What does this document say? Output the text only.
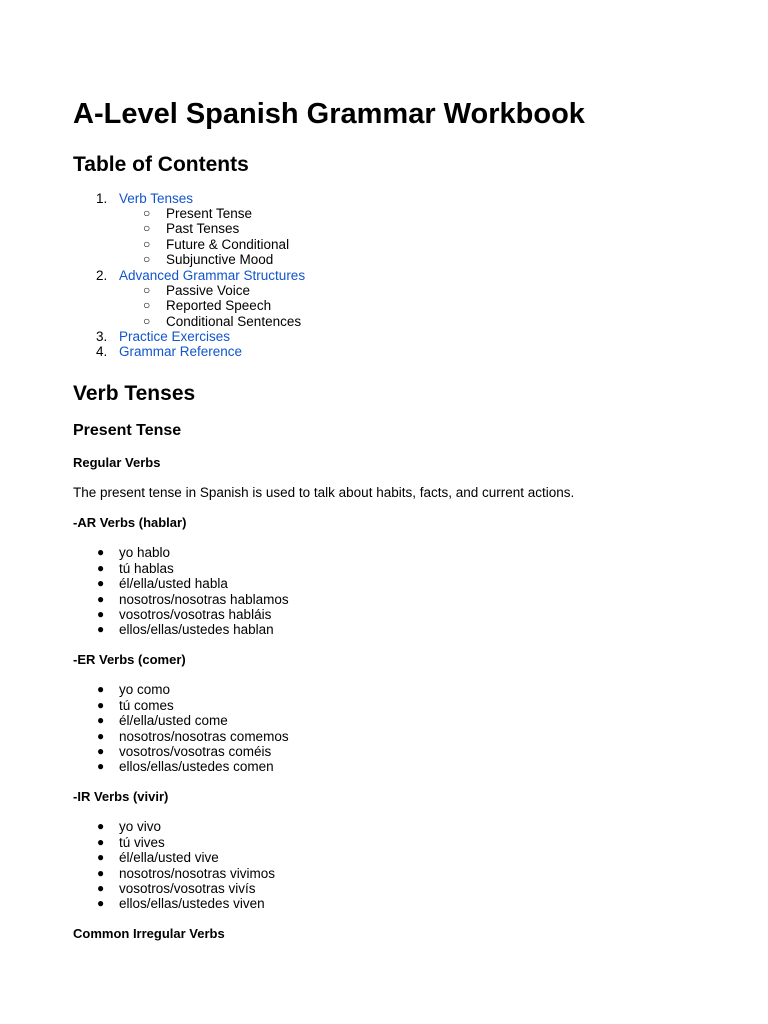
A-Level Spanish Grammar Workbook
Table of Contents
1. Verb Tenses
○ Present Tense
○ Past Tenses
○ Future & Conditional
○ Subjunctive Mood
2. Advanced Grammar Structures
○ Passive Voice
○ Reported Speech
○ Conditional Sentences
3. Practice Exercises
4. Grammar Reference
Verb Tenses
Present Tense
Regular Verbs
The present tense in Spanish is used to talk about habits, facts, and current actions.
-AR Verbs (hablar)
● yo hablo
● tú hablas
● él/ella/usted habla
● nosotros/nosotras hablamos
● vosotros/vosotras habláis
● ellos/ellas/ustedes hablan
-ER Verbs (comer)
● yo como
● tú comes
● él/ella/usted come
● nosotros/nosotras comemos
● vosotros/vosotras coméis
● ellos/ellas/ustedes comen
-IR Verbs (vivir)
● yo vivo
● tú vives
● él/ella/usted vive
● nosotros/nosotras vivimos
● vosotros/vosotras vivís
● ellos/ellas/ustedes viven
Common Irregular Verbs
